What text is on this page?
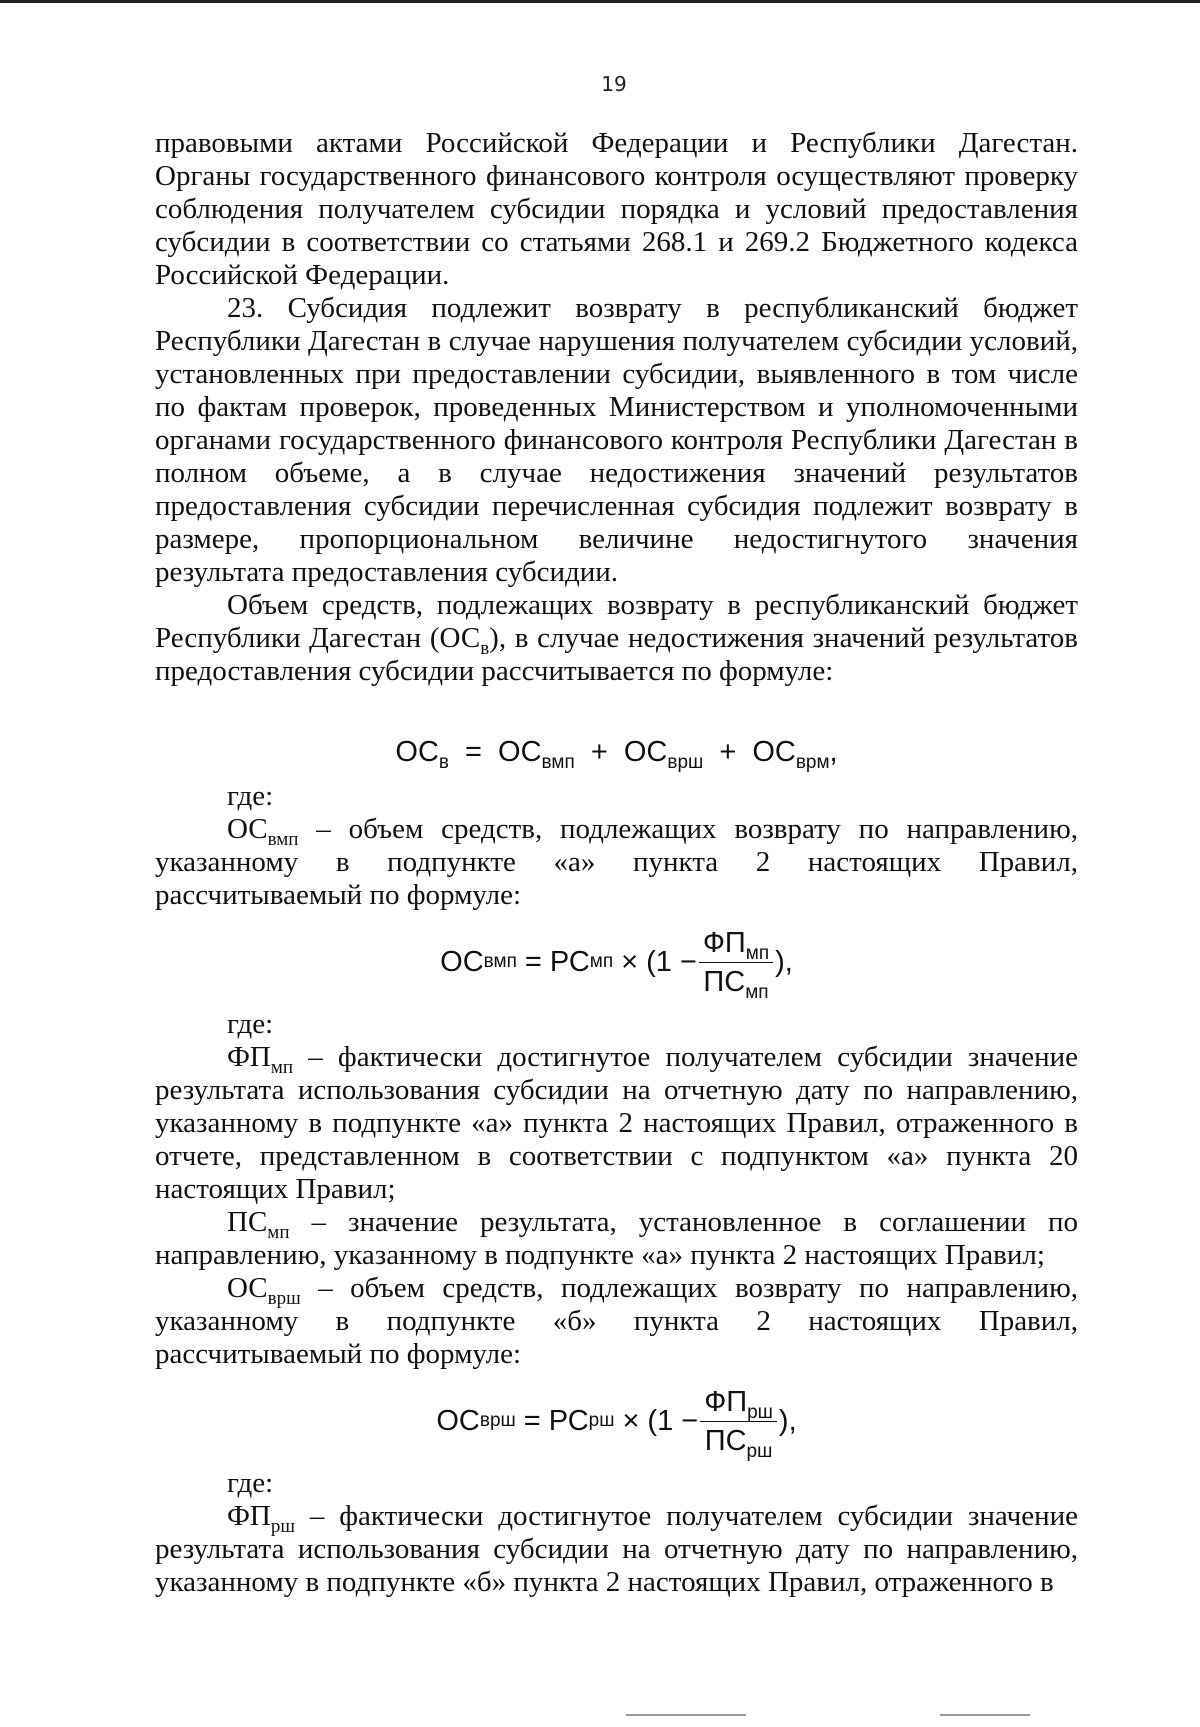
19

правовыми актами Российской Федерации и Республики Дагестан. Органы государственного финансового контроля осуществляют проверку соблюдения получателем субсидии порядка и условий предоставления субсидии в соответствии со статьями 268.1 и 269.2 Бюджетного кодекса Российской Федерации.

23. Субсидия подлежит возврату в республиканский бюджет Республики Дагестан в случае нарушения получателем субсидии условий, установленных при предоставлении субсидии, выявленного в том числе по фактам проверок, проведенных Министерством и уполномоченными органами государственного финансового контроля Республики Дагестан в полном объеме, а в случае недостижения значений результатов предоставления субсидии перечисленная субсидия подлежит возврату в размере, пропорциональном величине недостигнутого значения результата предоставления субсидии.

Объем средств, подлежащих возврату в республиканский бюджет Республики Дагестан $(ОС_в)$, в случае недостижения значений результатов предоставления субсидии рассчитывается по формуле:

$ОС_в = ОС_{вмп} + ОС_{врш} + ОС_{врм}$,

где:

$ОС_{вмп}$ – объем средств, подлежащих возврату по направлению, указанному в подпункте «а» пункта 2 настоящих Правил, рассчитываемый по формуле:

ОС вмп = РС мп × ($1 - \frac{ФП_{мп}}{ПС_{мп}}$ ),

где:

$ФП_{мп}$ – фактически достигнутое получателем субсидии значение результата использования субсидии на отчетную дату по направлению, указанному в подпункте «а» пункта 2 настоящих Правил, отраженного в отчете, представленном в соответствии с подпунктом «а» пункта 20 настоящих Правил;

$ПС_{мп}$ – значение результата, установленное в соглашении по направлению, указанному в подпункте «а» пункта 2 настоящих Правил;

$ОС_{врш}$ – объем средств, подлежащих возврату по направлению, указанному в подпункте «б» пункта 2 настоящих Правил, рассчитываемый по формуле:

ОС врш = РС рш × ($1 - \frac{ФП_{рш}}{ПС_{рш}}$ ),

где:

$ФП_{рш}$ – фактически достигнутое получателем субсидии значение результата использования субсидии на отчетную дату по направлению, указанному в подпункте «б» пункта 2 настоящих Правил, отраженного в
